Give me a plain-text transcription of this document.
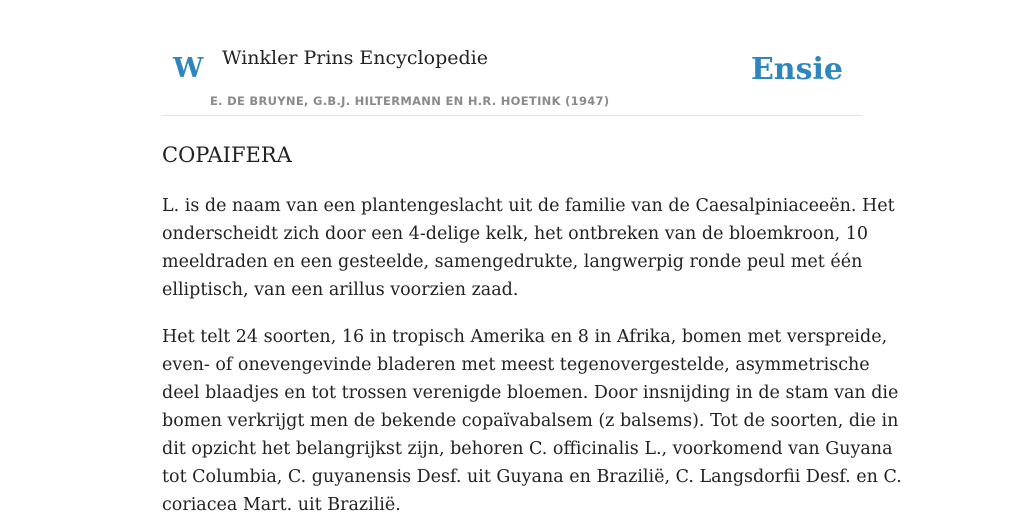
W Winkler Prins Encyclopedie
E. DE BRUYNE, G.B.J. HILTERMANN EN H.R. HOETINK (1947)
Ensie
COPAIFERA

L. is de naam van een plantengeslacht uit de familie van de Caesalpiniaceeën. Het
onderscheidt zich door een 4-delige kelk, het ontbreken van de bloemkroon, 10
meeldraden en een gesteelde, samengedrukte, langwerpig ronde peul met één
elliptisch, van een arillus voorzien zaad.

Het telt 24 soorten, 16 in tropisch Amerika en 8 in Afrika, bomen met verspreide,
even- of onevengevinde bladeren met meest tegenovergestelde, asymmetrische
deel blaadjes en tot trossen verenigde bloemen. Door insnijding in de stam van die
bomen verkrijgt men de bekende copaïvabalsem (z balsems). Tot de soorten, die in
dit opzicht het belangrijkst zijn, behoren C. officinalis L., voorkomend van Guyana
tot Columbia, C. guyanensis Desf. uit Guyana en Brazilië, C. Langsdorfii Desf. en C.
coriacea Mart. uit Brazilië.
